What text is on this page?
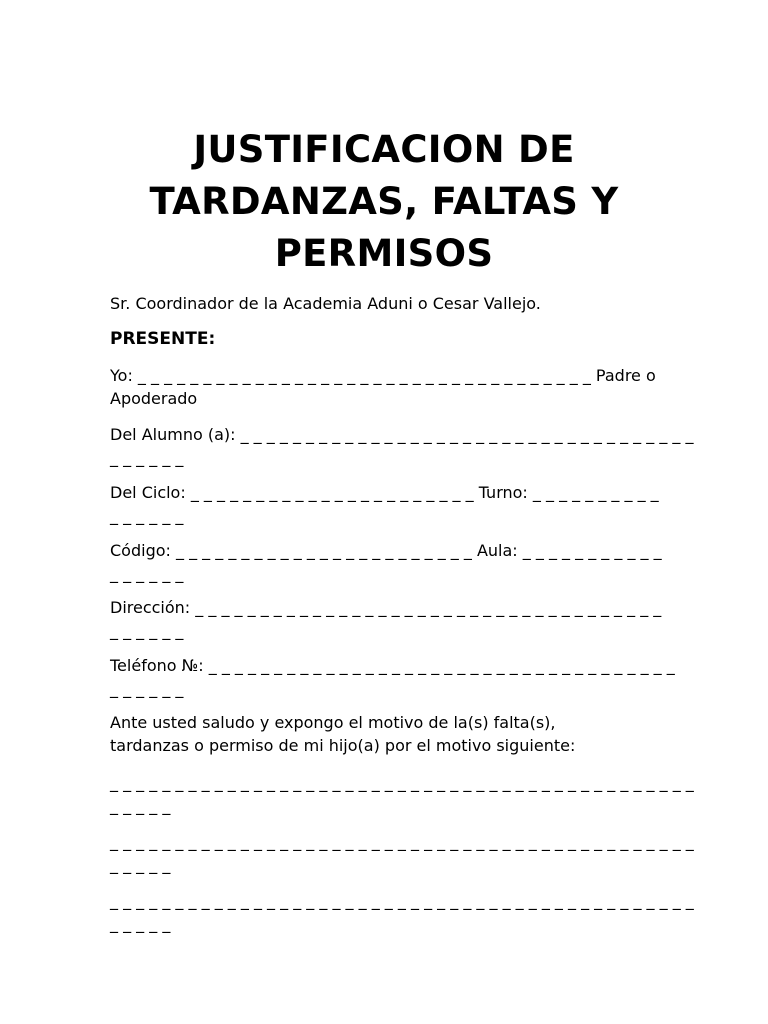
JUSTIFICACION DE
TARDANZAS, FALTAS Y
PERMISOS
Sr. Coordinador de la Academia Aduni o Cesar Vallejo.
PRESENTE:
Yo: _ _ _ _ _ _ _ _ _ _ _ _ _ _ _ _ _ _ _ _ _ _ _ _ _ _ _ _ _ _ _ _ _ _ _ Padre o
Apoderado
Del Alumno (a): _ _ _ _ _ _ _ _ _ _ _ _ _ _ _ _ _ _ _ _ _ _ _ _ _ _ _ _ _ _ _ _ _ _ _
_ _ _ _ _ _
Del Ciclo: _ _ _ _ _ _ _ _ _ _ _ _ _ _ _ _ _ _ _ _ _ _ Turno: _ _ _ _ _ _ _ _ _ _
_ _ _ _ _ _
Código: _ _ _ _ _ _ _ _ _ _ _ _ _ _ _ _ _ _ _ _ _ _ _ Aula: _ _ _ _ _ _ _ _ _ _ _
_ _ _ _ _ _
Dirección: _ _ _ _ _ _ _ _ _ _ _ _ _ _ _ _ _ _ _ _ _ _ _ _ _ _ _ _ _ _ _ _ _ _ _ _
_ _ _ _ _ _
Teléfono №: _ _ _ _ _ _ _ _ _ _ _ _ _ _ _ _ _ _ _ _ _ _ _ _ _ _ _ _ _ _ _ _ _ _ _ _
_ _ _ _ _ _
Ante usted saludo y expongo el motivo de la(s) falta(s),
tardanzas o permiso de mi hijo(a) por el motivo siguiente:
_ _ _ _ _ _ _ _ _ _ _ _ _ _ _ _ _ _ _ _ _ _ _ _ _ _ _ _ _ _ _ _ _ _ _ _ _ _ _ _ _ _ _ _ _
_ _ _ _ _
_ _ _ _ _ _ _ _ _ _ _ _ _ _ _ _ _ _ _ _ _ _ _ _ _ _ _ _ _ _ _ _ _ _ _ _ _ _ _ _ _ _ _ _ _
_ _ _ _ _
_ _ _ _ _ _ _ _ _ _ _ _ _ _ _ _ _ _ _ _ _ _ _ _ _ _ _ _ _ _ _ _ _ _ _ _ _ _ _ _ _ _ _ _ _
_ _ _ _ _
